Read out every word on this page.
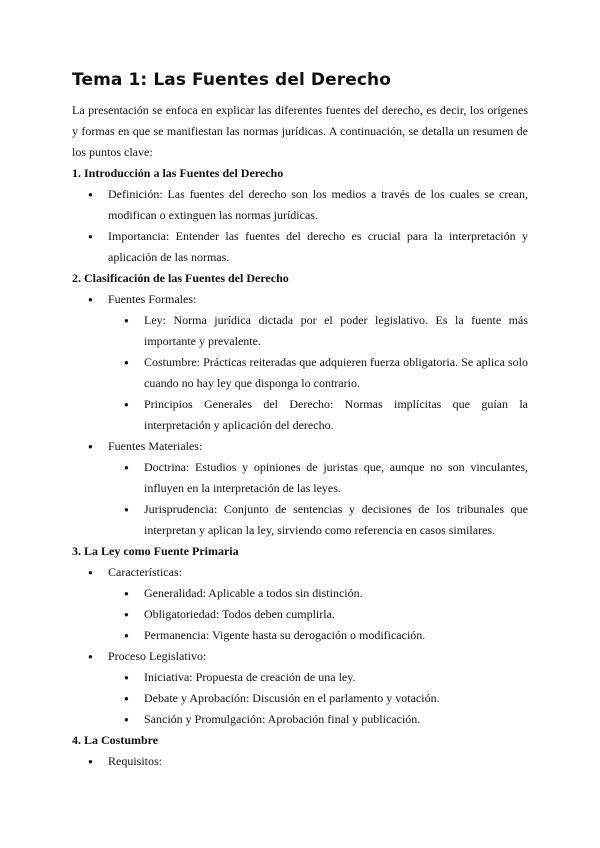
Tema 1: Las Fuentes del Derecho

La presentación se enfoca en explicar las diferentes fuentes del derecho, es decir, los orígenes y formas en que se manifiestan las normas jurídicas. A continuación, se detalla un resumen de los puntos clave:

1. Introducción a las Fuentes del Derecho
● Definición: Las fuentes del derecho son los medios a través de los cuales se crean, modifican o extinguen las normas jurídicas.
● Importancia: Entender las fuentes del derecho es crucial para la interpretación y aplicación de las normas.
2. Clasificación de las Fuentes del Derecho
● Fuentes Formales:
● Ley: Norma jurídica dictada por el poder legislativo. Es la fuente más importante y prevalente.
● Costumbre: Prácticas reiteradas que adquieren fuerza obligatoria. Se aplica solo cuando no hay ley que disponga lo contrario.
● Principios Generales del Derecho: Normas implícitas que guían la interpretación y aplicación del derecho.
● Fuentes Materiales:
● Doctrina: Estudios y opiniones de juristas que, aunque no son vinculantes, influyen en la interpretación de las leyes.
● Jurisprudencia: Conjunto de sentencias y decisiones de los tribunales que interpretan y aplican la ley, sirviendo como referencia en casos similares.
3. La Ley como Fuente Primaria
● Características:
● Generalidad: Aplicable a todos sin distinción.
● Obligatoriedad: Todos deben cumplirla.
● Permanencia: Vigente hasta su derogación o modificación.
● Proceso Legislativo:
● Iniciativa: Propuesta de creación de una ley.
● Debate y Aprobación: Discusión en el parlamento y votación.
● Sanción y Promulgación: Aprobación final y publicación.
4. La Costumbre
● Requisitos:
